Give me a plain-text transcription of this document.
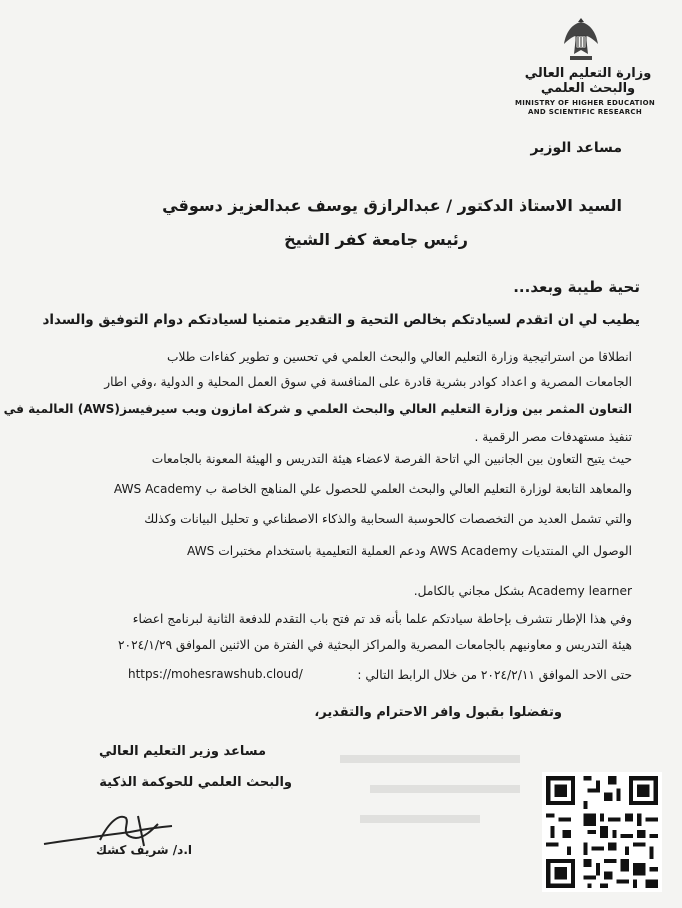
وزارة التعليم العالي والبحث العلمي
MINISTRY OF HIGHER EDUCATION
AND SCIENTIFIC RESEARCH
مساعد الوزير
السيد الاستاذ الدكتور / عبدالرازق يوسف عبدالعزيز دسوقي
رئيس جامعة كفر الشيخ
تحية طيبة وبعد...
يطيب لي ان اتقدم لسيادتكم بخالص التحية و التقدير متمنيا لسيادتكم دوام التوفيق والسداد
انطلاقا من استراتيجية وزارة التعليم العالي والبحث العلمي في تحسين و تطوير كفاءات طلاب
الجامعات المصرية و اعداد كوادر بشرية قادرة على المنافسة في سوق العمل المحلية و الدولية ،وفي اطار
التعاون المثمر بين وزارة التعليم العالي والبحث العلمي و شركة امازون ويب سيرفيسز(AWS) العالمية في
تنفيذ مستهدفات مصر الرقمية .
حيث يتيح التعاون بين الجانبين الي اتاحة الفرصة لاعضاء هيئة التدريس و الهيئة المعونة بالجامعات
والمعاهد التابعة لوزارة التعليم العالي والبحث العلمي للحصول علي المناهج الخاصة ب AWS Academy
والتي تشمل العديد من التخصصات كالحوسبة السحابية والذكاء الاصطناعي و تحليل البيانات وكذلك
الوصول الي المنتديات AWS Academy ودعم العملية التعليمية باستخدام مختبرات AWS
Academy learner بشكل مجاني بالكامل.
وفي هذا الإطار نتشرف بإحاطة سيادتكم علما بأنه قد تم فتح باب التقدم للدفعة الثانية لبرنامج اعضاء
هيئة التدريس و معاونيهم بالجامعات المصرية والمراكز البحثية في الفترة من الاثنين الموافق ٢٠٢٤/١/٢٩
حتى الاحد الموافق ٢٠٢٤/٢/١١ من خلال الرابط التالي :
https://mohesrawshub.cloud/
وتفضلوا بقبول وافر الاحترام والتقدير،
مساعد وزير التعليم العالي
والبحث العلمي للحوكمة الذكية
ا.د/ شريف كشك
